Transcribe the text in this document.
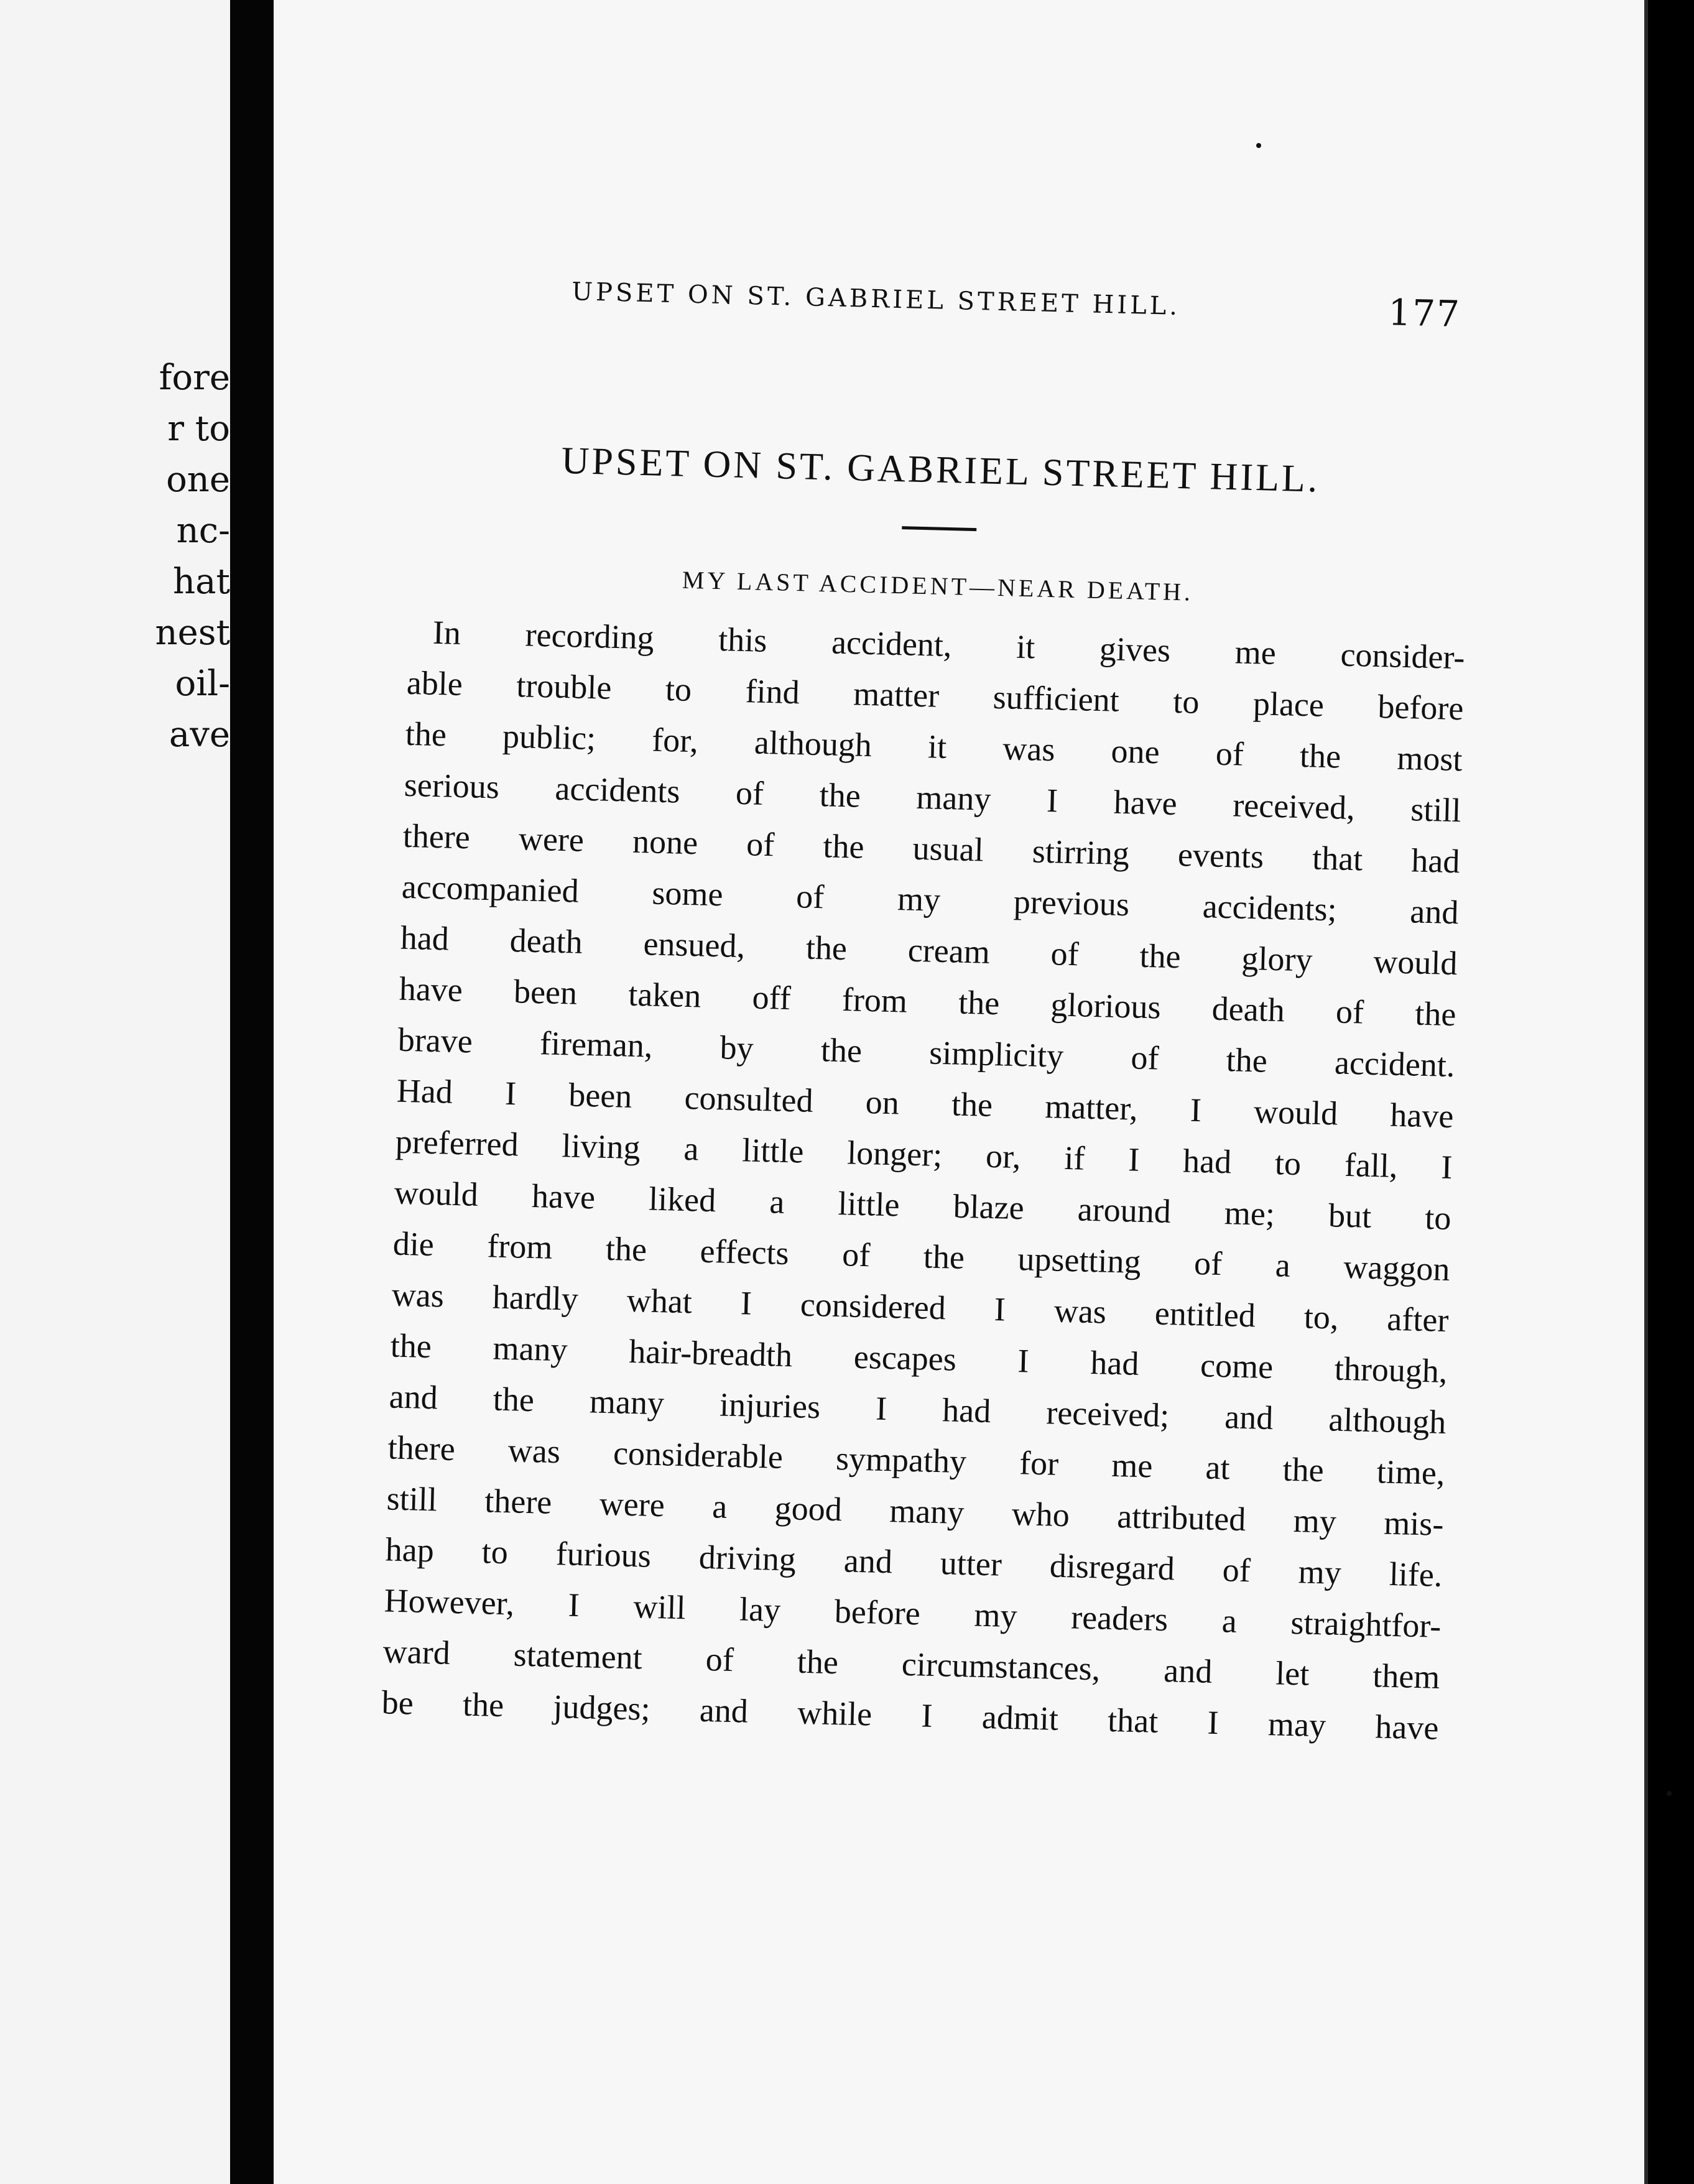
fore
r to
one
nc-
hat
nest
oil-
ave
UPSET ON ST. GABRIEL STREET HILL.	177
UPSET ON ST. GABRIEL STREET HILL.
MY LAST ACCIDENT—NEAR DEATH.
In recording this accident, it gives me consider-
able trouble to find matter sufficient to place before
the public; for, although it was one of the most
serious accidents of the many I have received, still
there were none of the usual stirring events that had
accompanied some of my previous accidents; and
had death ensued, the cream of the glory would
have been taken off from the glorious death of the
brave fireman, by the simplicity of the accident.
Had I been consulted on the matter, I would have
preferred living a little longer; or, if I had to fall, I
would have liked a little blaze around me; but to
die from the effects of the upsetting of a waggon
was hardly what I considered I was entitled to, after
the many hair-breadth escapes I had come through,
and the many injuries I had received; and although
there was considerable sympathy for me at the time,
still there were a good many who attributed my mis-
hap to furious driving and utter disregard of my life.
However, I will lay before my readers a straightfor-
ward statement of the circumstances, and let them
be the judges; and while I admit that I may have
